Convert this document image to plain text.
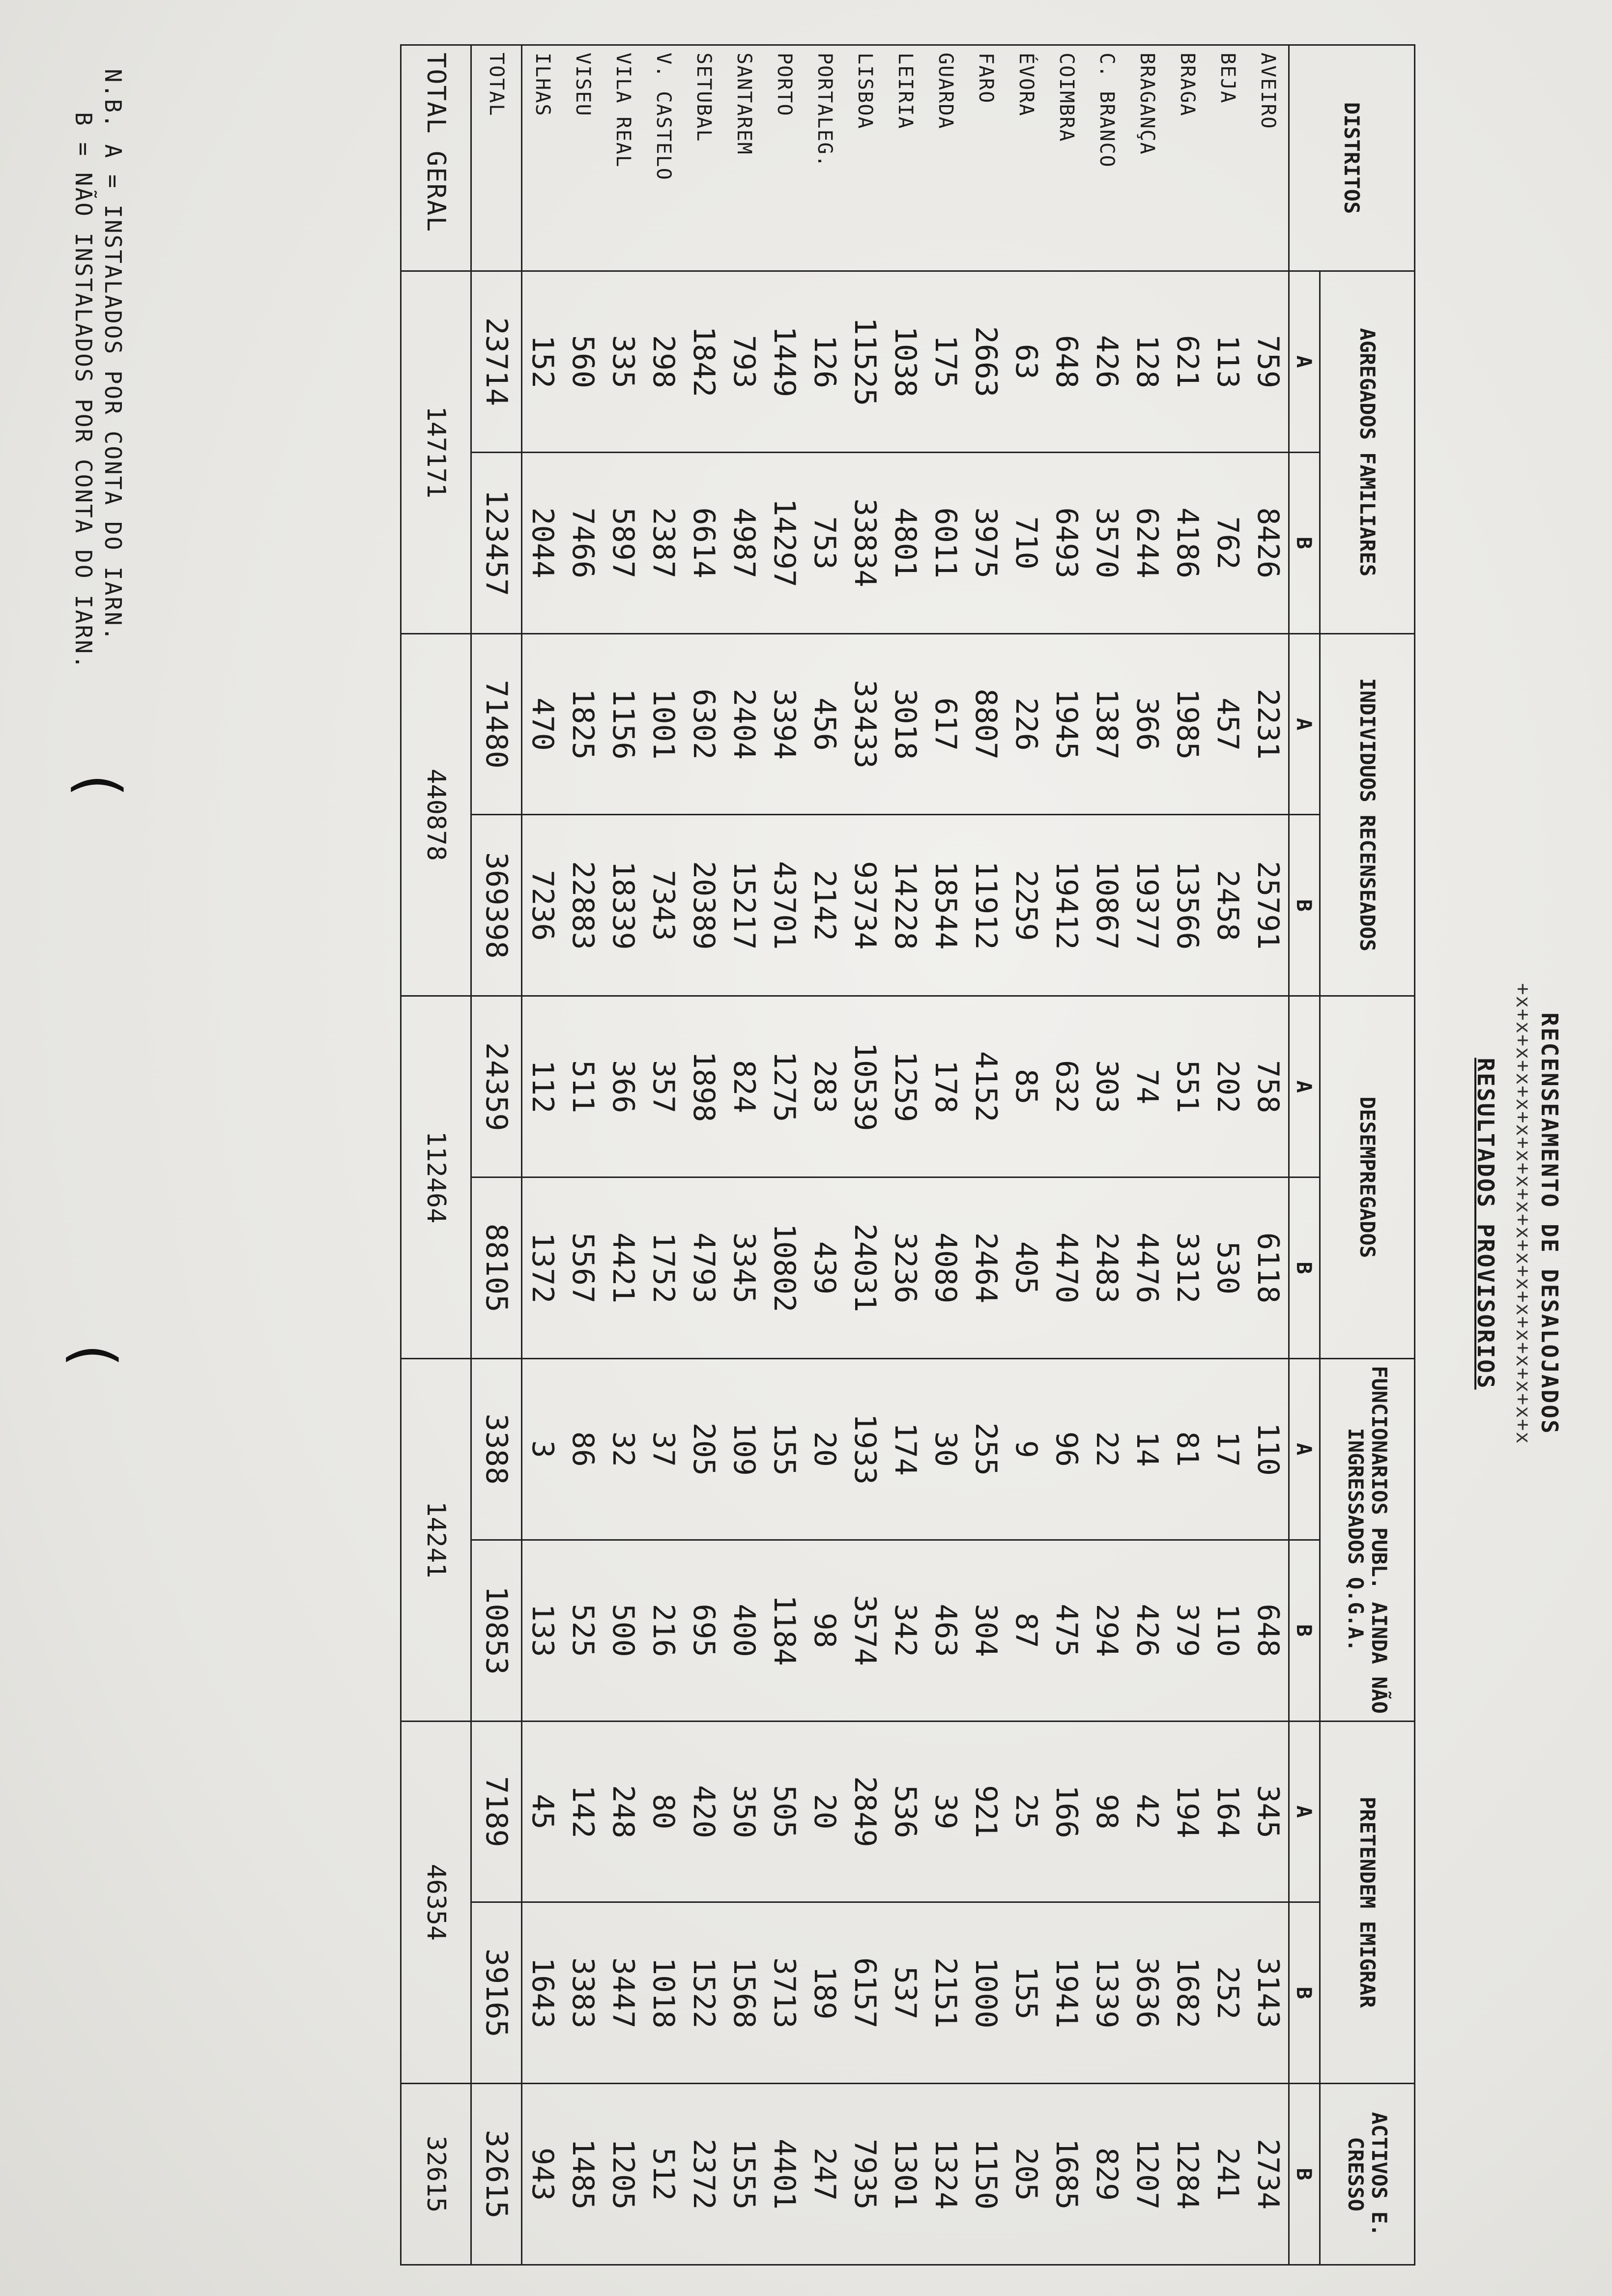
RECENSEAMENTO DE DESALOJADOS
+x+x+x+x+x+x+x+x+x+x+x+x+x+x+x+x+x+x
RESULTADOS PROVISORIOS
DISTRITOS	AGREGADOS FAMILIARES		INDIVIDUOS RECENSEADOS		DESEMPREGADOS		FUNCIONARIOS PUBL. AINDA NÃO INGRESSADOS Q.G.A.		PRETENDEM EMIGRAR		ACTIVOS E. CRESSO
	A	B	A	B	A	B	A	B	A	B	B
AVEIRO	759	8426	2231	25791	758	6118	110	648	345	3143	2734
BEJA	113	762	457	2458	202	530	17	110	164	252	241
BRAGA	621	4186	1985	13566	551	3312	81	379	194	1682	1284
BRAGANÇA	128	6244	366	19377	74	4476	14	426	42	3636	1207
C. BRANCO	426	3570	1387	10867	303	2483	22	294	98	1339	829
COIMBRA	648	6493	1945	19412	632	4470	96	475	166	1941	1685
ÉVORA	63	710	226	2259	85	405	9	87	25	155	205
FARO	2663	3975	8807	11912	4152	2464	255	304	921	1000	1150
GUARDA	175	6011	617	18544	178	4089	30	463	39	2151	1324
LEIRIA	1038	4801	3018	14228	1259	3236	174	342	536	537	1301
LISBOA	11525	33834	33433	93734	10539	24031	1933	3574	2849	6157	7935
PORTALEG.	126	753	456	2142	283	439	20	98	20	189	247
PORTO	1449	14297	3394	43701	1275	10802	155	1184	505	3713	4401
SANTAREM	793	4987	2404	15217	824	3345	109	400	350	1568	1555
SETUBAL	1842	6614	6302	20389	1898	4793	205	695	420	1522	2372
V. CASTELO	298	2387	1001	7343	357	1752	37	216	80	1018	512
VILA REAL	335	5897	1156	18339	366	4421	32	500	248	3447	1205
VISEU	560	7466	1825	22883	511	5567	86	525	142	3383	1485
ILHAS	152	2044	470	7236	112	1372	3	133	45	1643	943
TOTAL	23714	123457	71480	369398	24359	88105	3388	10853	7189	39165	32615
TOTAL GERAL	147171		440878		112464		14241		46354		32615
N.B. A = INSTALADOS POR CONTA DO IARN.
B = NÃO INSTALADOS POR CONTA DO IARN.
(
(
